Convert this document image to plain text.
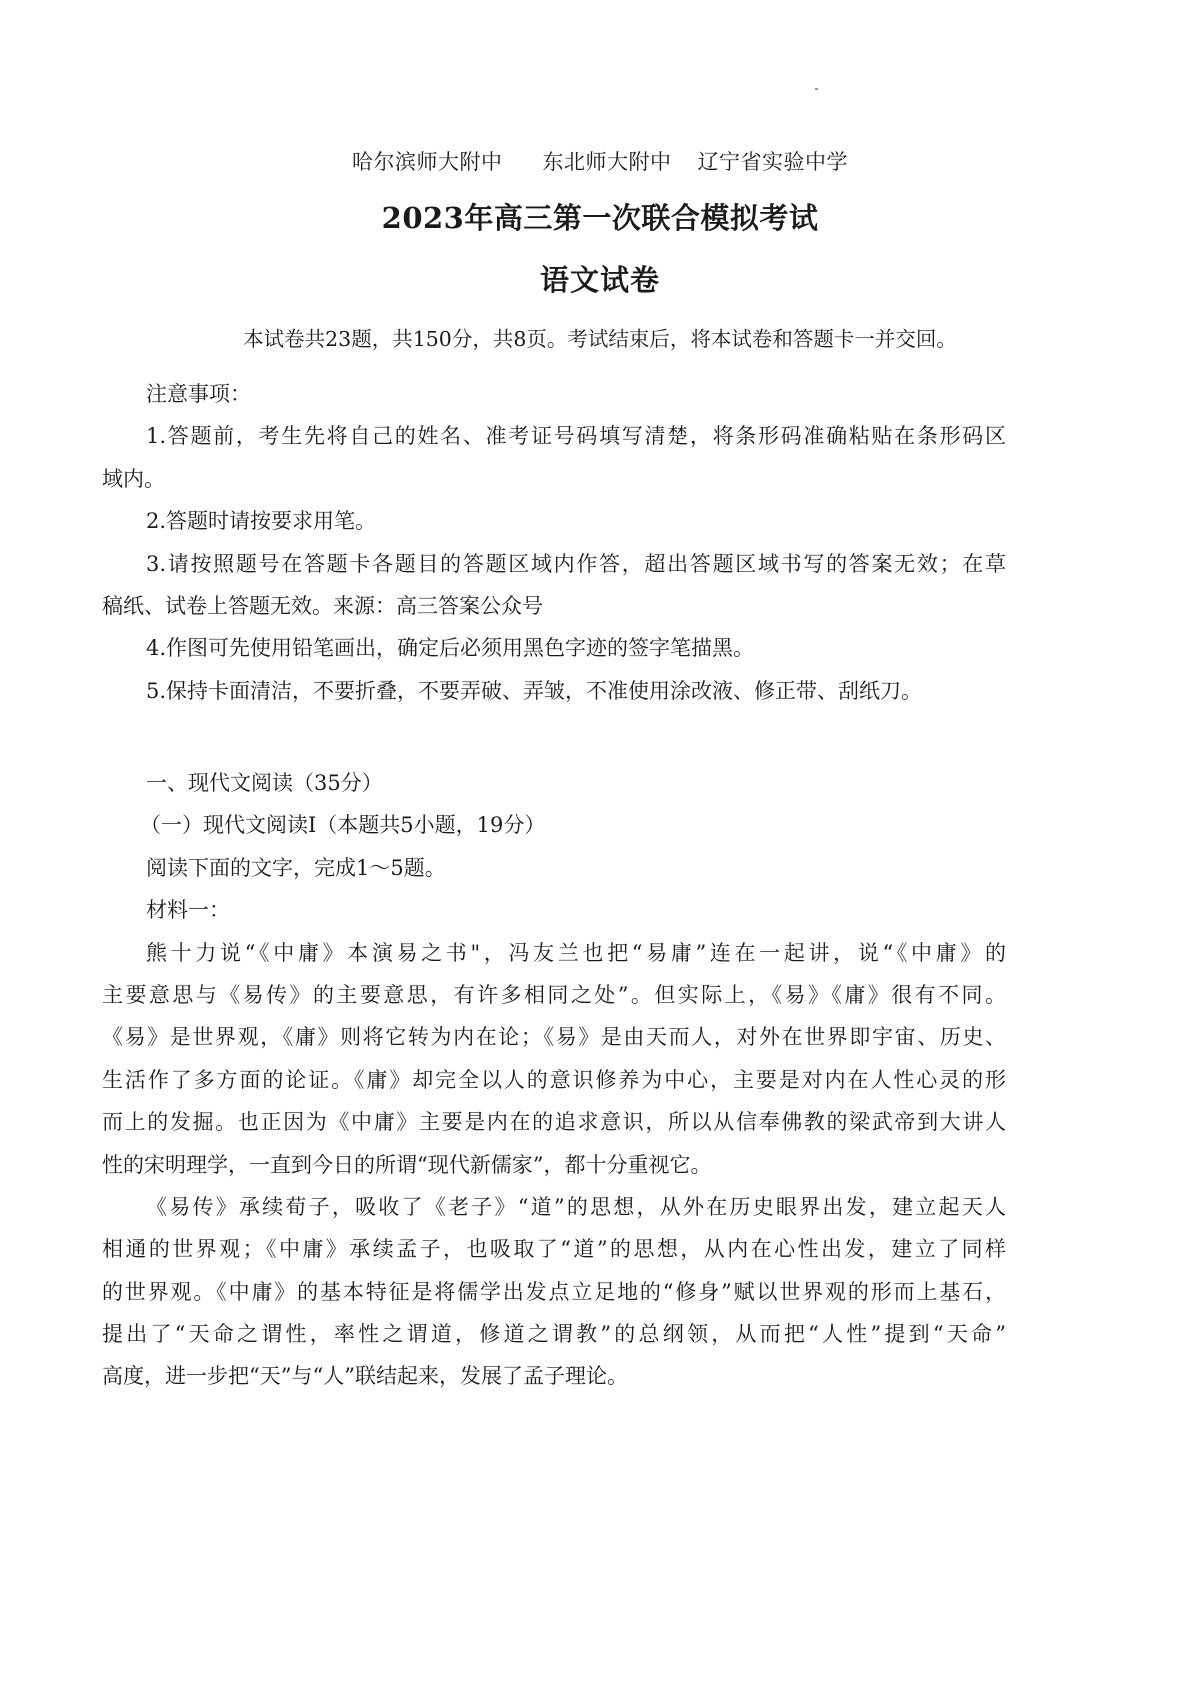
哈尔滨师大附中 东北师大附中 辽宁省实验中学
2023年高三第一次联合模拟考试
语文试卷
本试卷共23题，共150分，共8页。考试结束后，将本试卷和答题卡一并交回。
注意事项：
1.答题前，考生先将自己的姓名、准考证号码填写清楚，将条形码准确粘贴在条形码区
域内。
2.答题时请按要求用笔。
3.请按照题号在答题卡各题目的答题区域内作答，超出答题区域书写的答案无效；在草
稿纸、试卷上答题无效。来源：高三答案公众号
4.作图可先使用铅笔画出，确定后必须用黑色字迹的签字笔描黑。
5.保持卡面清洁，不要折叠，不要弄破、弄皱，不准使用涂改液、修正带、刮纸刀。
一、现代文阅读（35分）
（一）现代文阅读I（本题共5小题，19分）
阅读下面的文字，完成1～5题。
材料一：
熊十力说“《中庸》本演易之书"，冯友兰也把“易庸”连在一起讲，说“《中庸》的
主要意思与《易传》的主要意思，有许多相同之处”。但实际上，《易》《庸》很有不同。
《易》是世界观，《庸》则将它转为内在论；《易》是由天而人，对外在世界即宇宙、历史、
生活作了多方面的论证。《庸》却完全以人的意识修养为中心，主要是对内在人性心灵的形
而上的发掘。也正因为《中庸》主要是内在的追求意识，所以从信奉佛教的梁武帝到大讲人
性的宋明理学，一直到今日的所谓“现代新儒家”，都十分重视它。
《易传》承续荀子，吸收了《老子》“道”的思想，从外在历史眼界出发，建立起天人
相通的世界观；《中庸》承续孟子，也吸取了“道”的思想，从内在心性出发，建立了同样
的世界观。《中庸》的基本特征是将儒学出发点立足地的“修身”赋以世界观的形而上基石，
提出了“天命之谓性，率性之谓道，修道之谓教”的总纲领，从而把“人性”提到“天命”
高度，进一步把“天”与“人”联结起来，发展了孟子理论。
